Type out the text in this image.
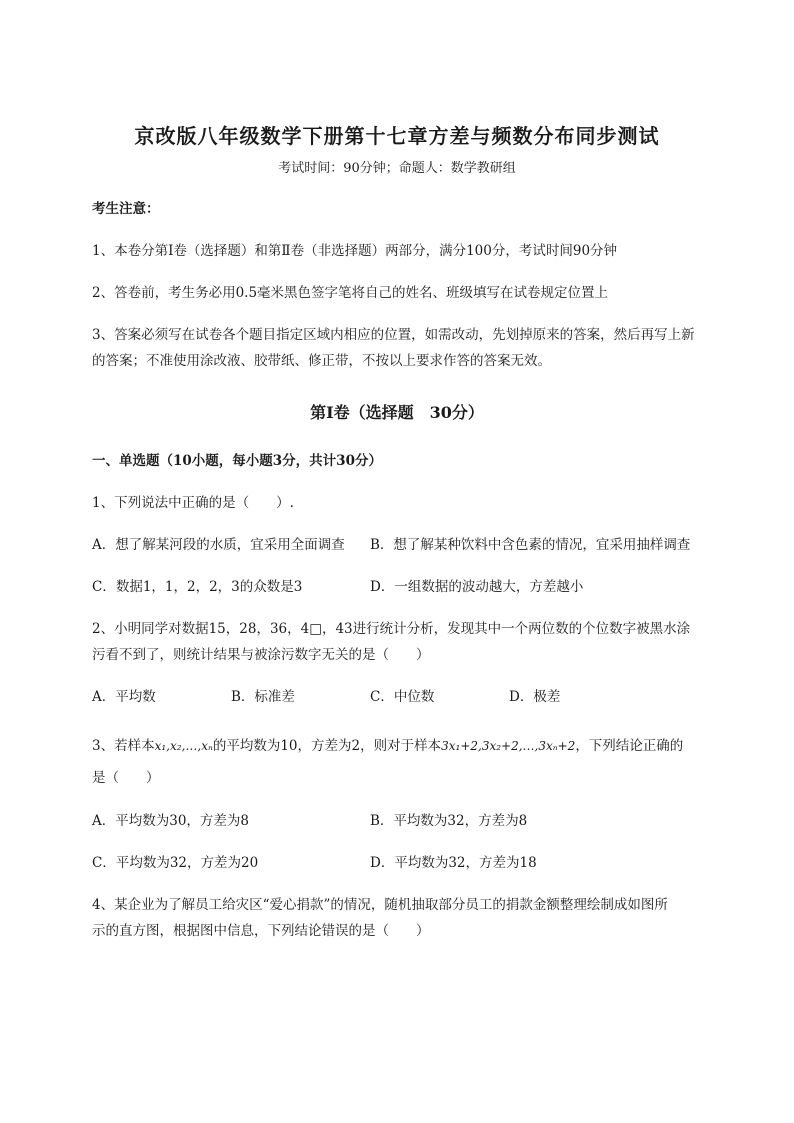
京改版八年级数学下册第十七章方差与频数分布同步测试
考试时间：90分钟；命题人：数学教研组
考生注意：
1、本卷分第I卷（选择题）和第Ⅱ卷（非选择题）两部分，满分100分，考试时间90分钟
2、答卷前，考生务必用0.5毫米黑色签字笔将自己的姓名、班级填写在试卷规定位置上
3、答案必须写在试卷各个题目指定区域内相应的位置，如需改动，先划掉原来的答案，然后再写上新
的答案；不准使用涂改液、胶带纸、修正带，不按以上要求作答的答案无效。
第I卷（选择题　30分）
一、单选题（10小题，每小题3分，共计30分）
1、下列说法中正确的是（　　）.
A．想了解某河段的水质，宜采用全面调查 B．想了解某种饮料中含色素的情况，宜采用抽样调查
C．数据1，1，2，2，3的众数是3	D．一组数据的波动越大，方差越小
2、小明同学对数据15，28，36，4□，43进行统计分析，发现其中一个两位数的个位数字被黑水涂
污看不到了，则统计结果与被涂污数字无关的是（　　）
A．平均数	B．标准差	C．中位数	D．极差
3、若样本x₁,x₂,…,xₙ的平均数为10，方差为2，则对于样本3x₁+2,3x₂+2,…,3xₙ+2，下列结论正确的
是（　　）
A．平均数为30，方差为8	B．平均数为32，方差为8
C．平均数为32，方差为20	D．平均数为32，方差为18
4、某企业为了解员工给灾区“爱心捐款”的情况，随机抽取部分员工的捐款金额整理绘制成如图所
示的直方图，根据图中信息，下列结论错误的是（　　）
